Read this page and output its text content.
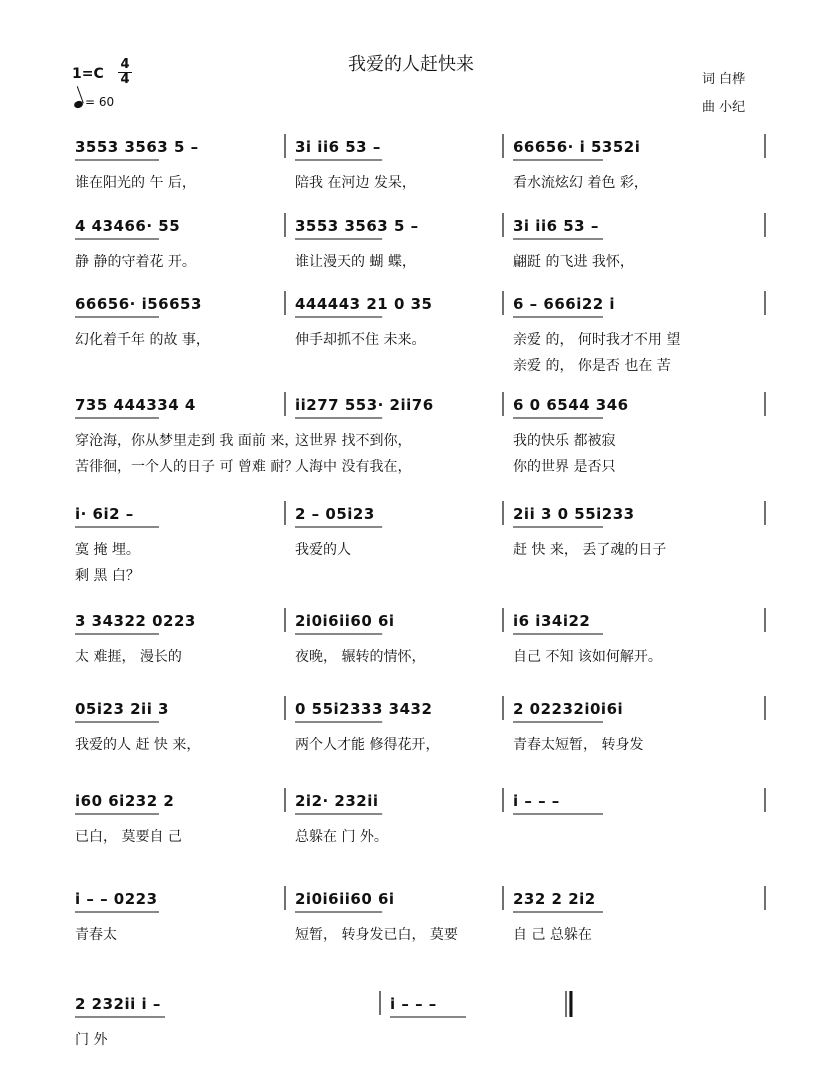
我爱的人赶快来
1=C
4
4
= 60
词 白桦
曲 小纪
3553 3563 5 –
谁在阳光的 午 后，
3i ii6 53 –
陪我 在河边 发呆，
66656· i 5352i
看水流炫幻 着色 彩，
4 43466· 55
静 静的守着花 开。
3553 3563 5 –
谁让漫天的 蝴 蝶，
3i ii6 53 –
翩跹 的飞进 我怀，
66656· i56653
幻化着千年 的故 事，
444443 21 0 35
伸手却抓不住 未来。
6 – 666i22 i
亲爱 的， 何时我才不用 望
亲爱 的， 你是否 也在 苦
735 444334 4
穿沧海，你从梦里走到 我 面前 来，
苦徘徊，一个人的日子 可 曾难 耐？
ii277 553· 2ii76
这世界 找不到你，
人海中 没有我在，
6 0 6544 346
我的快乐 都被寂
你的世界 是否只
i· 6i2 –
寞 掩 埋。
剩 黑 白？
2 – 05i23
我爱的人
2ii 3 0 55i233
赶 快 来， 丢了魂的日子
3 34322 0223
太 难捱， 漫长的
2i0i6ii60 6i
夜晚， 辗转的情怀，
i6 i34i22
自己 不知 该如何解开。
05i23 2ii 3
我爱的人 赶 快 来，
0 55i2333 3432
两个人才能 修得花开，
2 02232i0i6i
青春太短暂， 转身发
i60 6i232 2
已白， 莫要自 己
2i2· 232ii
总躲在 门 外。
i – – –
i – – 0223
青春太
2i0i6ii60 6i
短暂， 转身发已白， 莫要
232 2 2i2
自 己 总躲在
2 232ii i –
门 外
i – – –
